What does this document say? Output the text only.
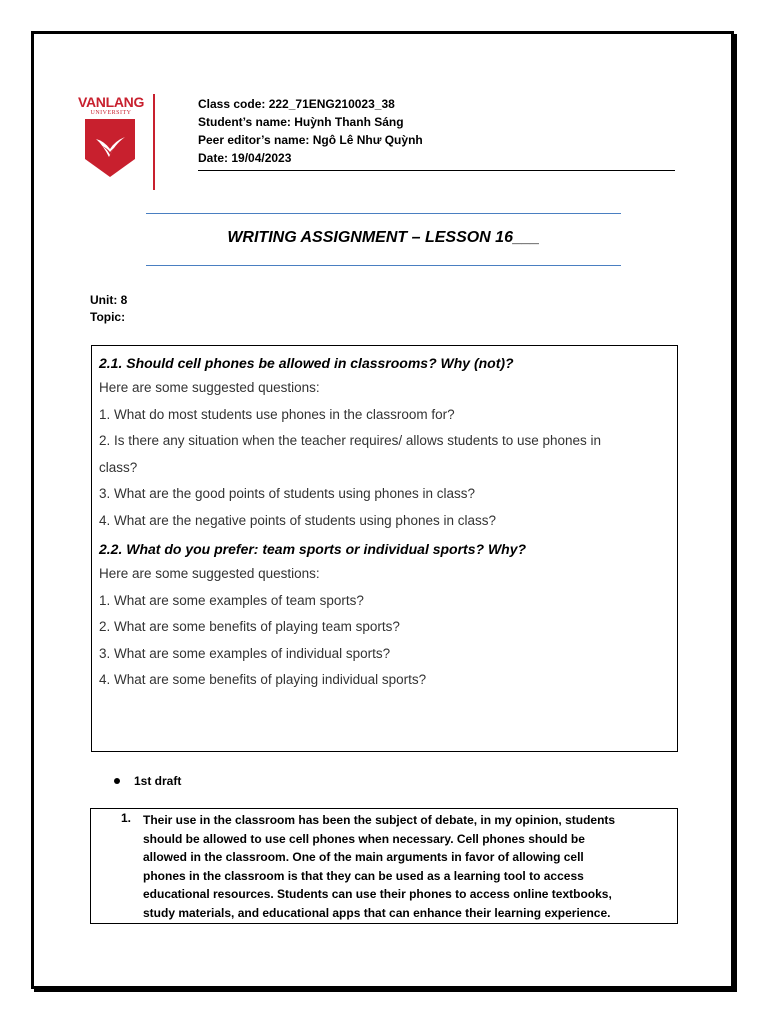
VANLANG
UNIVERSITY
Class code: 222_71ENG210023_38
Student’s name: Huỳnh Thanh Sáng
Peer editor’s name: Ngô Lê Như Quỳnh
Date: 19/04/2023
WRITING ASSIGNMENT – LESSON 16___
Unit: 8
Topic:
2.1. Should cell phones be allowed in classrooms? Why (not)?
Here are some suggested questions:
1. What do most students use phones in the classroom for?
2. Is there any situation when the teacher requires/ allows students to use phones in
class?
3. What are the good points of students using phones in class?
4. What are the negative points of students using phones in class?
2.2. What do you prefer: team sports or individual sports? Why?
Here are some suggested questions:
1. What are some examples of team sports?
2. What are some benefits of playing team sports?
3. What are some examples of individual sports?
4. What are some benefits of playing individual sports?
1st draft
1. Their use in the classroom has been the subject of debate, in my opinion, students
should be allowed to use cell phones when necessary. Cell phones should be
allowed in the classroom. One of the main arguments in favor of allowing cell
phones in the classroom is that they can be used as a learning tool to access
educational resources. Students can use their phones to access online textbooks,
study materials, and educational apps that can enhance their learning experience.
